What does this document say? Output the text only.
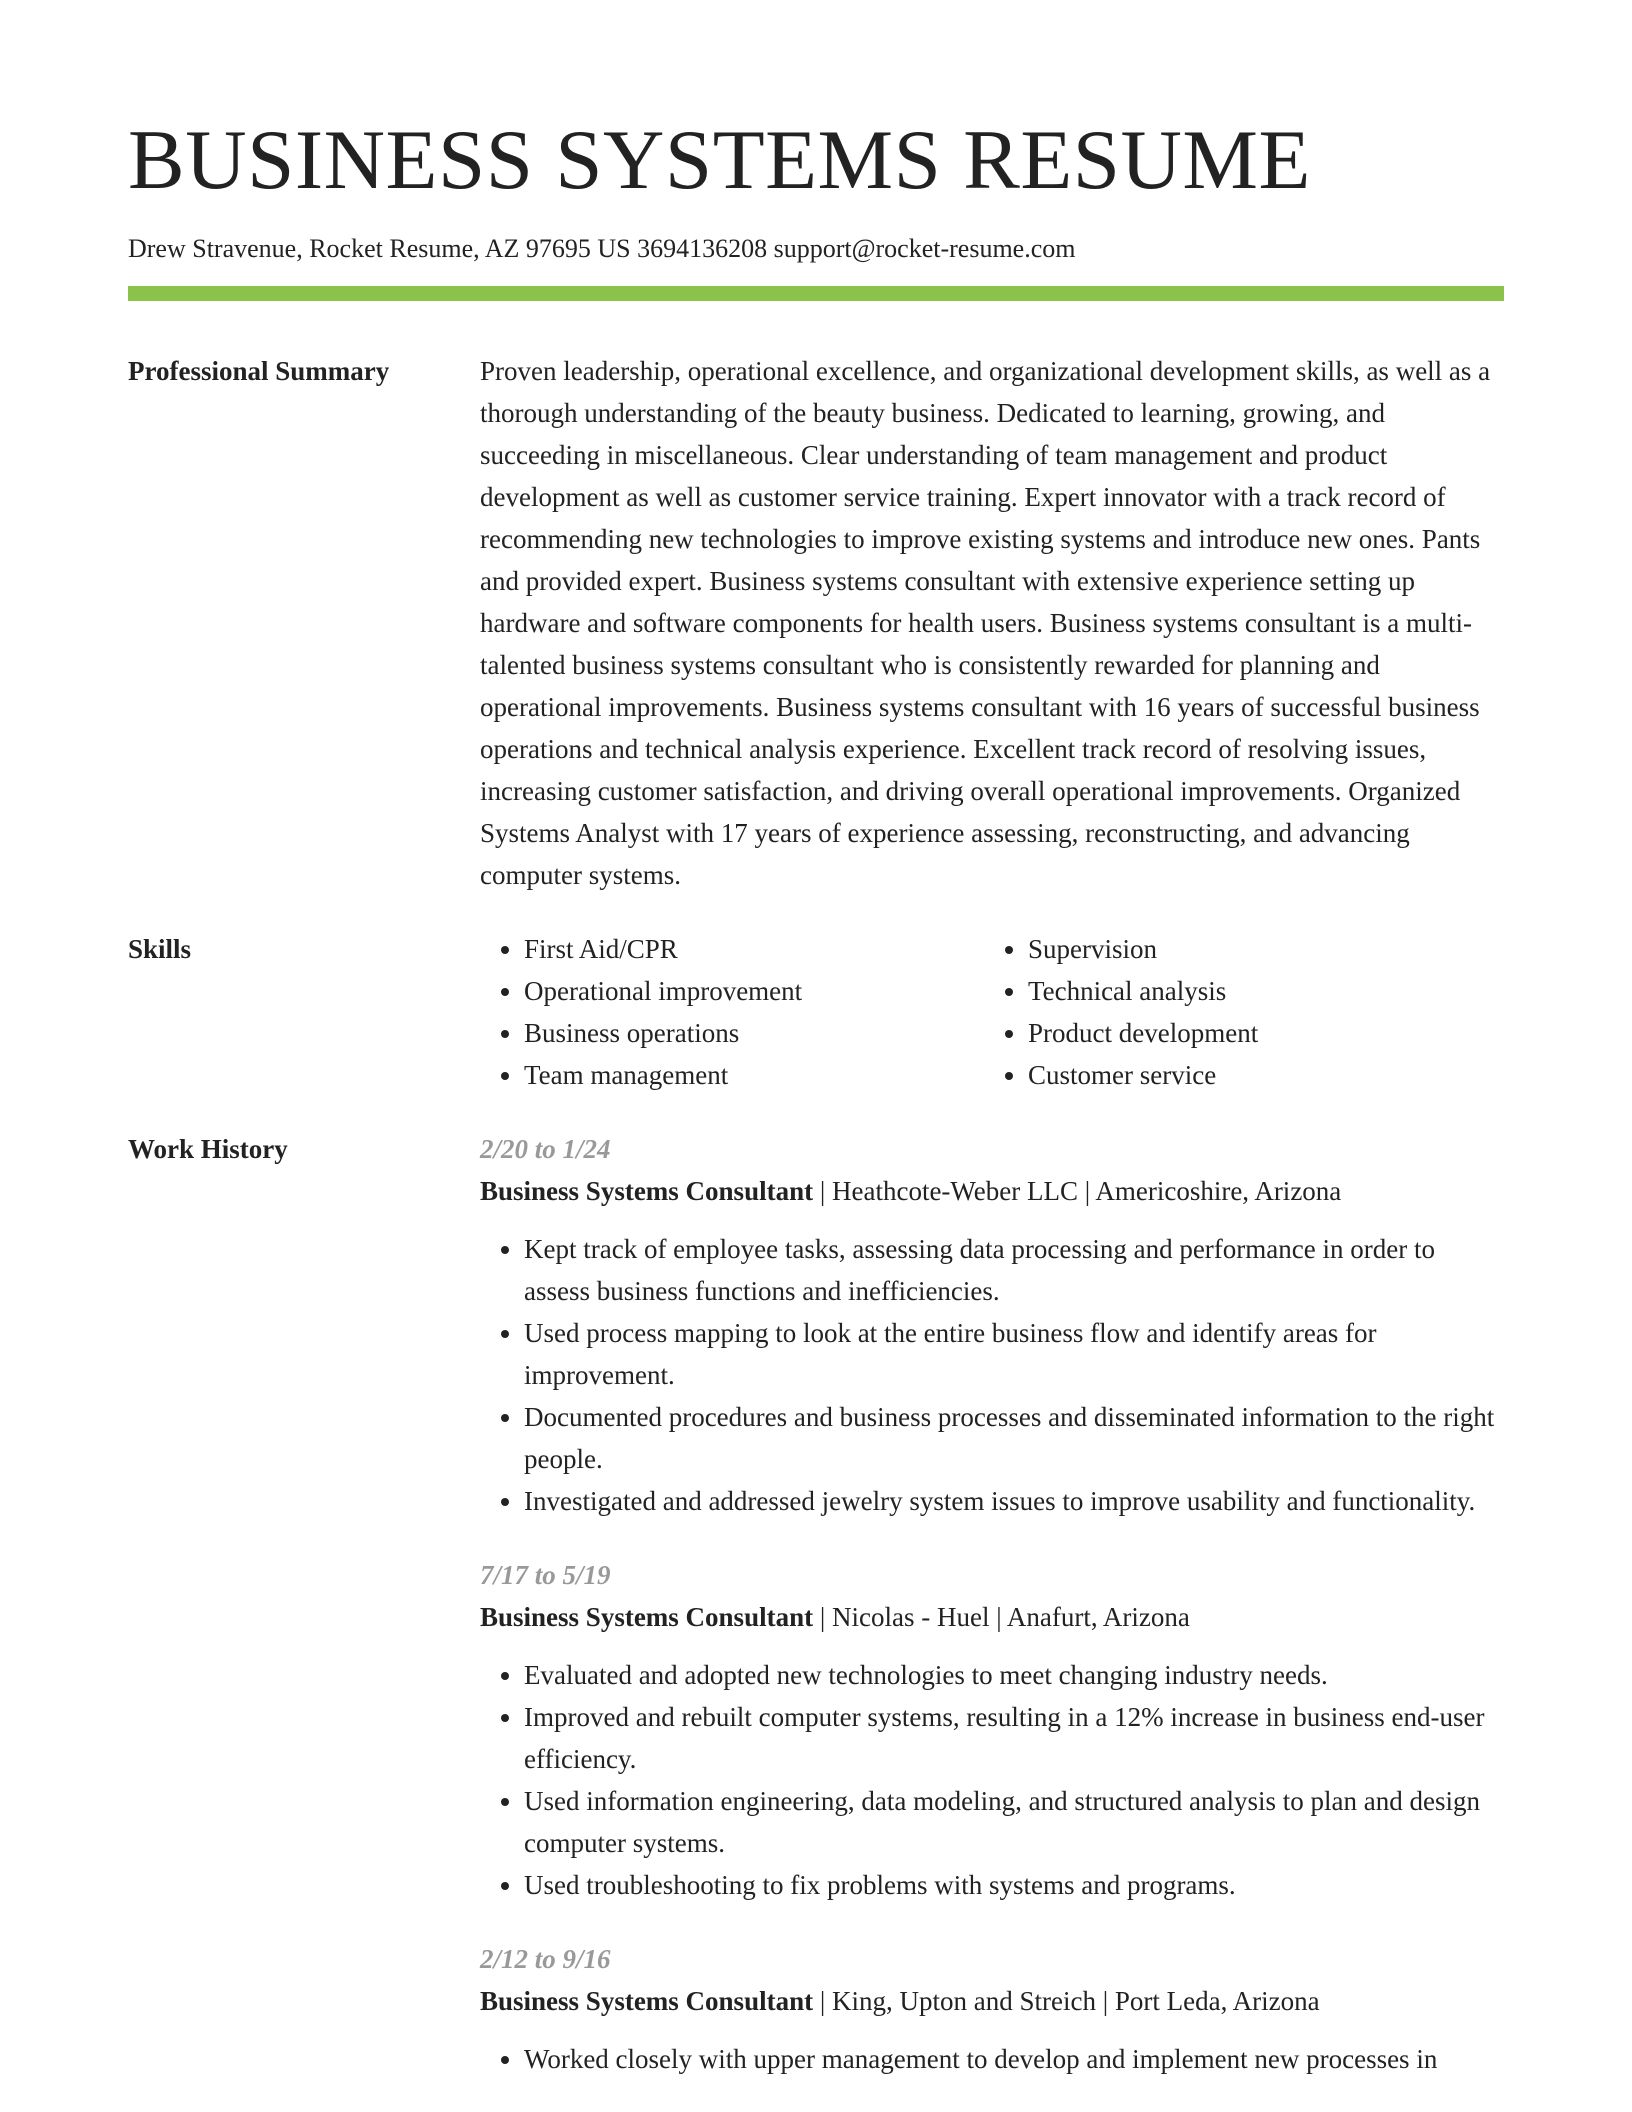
BUSINESS SYSTEMS RESUME
Drew Stravenue, Rocket Resume, AZ 97695 US 3694136208 support@rocket-resume.com
Professional Summary	Proven leadership, operational excellence, and organizational development skills, as well as a thorough understanding of the beauty business. Dedicated to learning, growing, and succeeding in miscellaneous. Clear understanding of team management and product development as well as customer service training. Expert innovator with a track record of recommending new technologies to improve existing systems and introduce new ones. Pants and provided expert. Business systems consultant with extensive experience setting up hardware and software components for health users. Business systems consultant is a multi-talented business systems consultant who is consistently rewarded for planning and operational improvements. Business systems consultant with 16 years of successful business operations and technical analysis experience. Excellent track record of resolving issues, increasing customer satisfaction, and driving overall operational improvements. Organized Systems Analyst with 17 years of experience assessing, reconstructing, and advancing computer systems.

Skills
•	First Aid/CPR
• Operational improvement
• Business operations
• Team management
• Supervision
• Technical analysis
• Product development
• Customer service
Work History	2/20 to 1/24
Business Systems Consultant | Heathcote-Weber LLC | Americoshire, Arizona
• Kept track of employee tasks, assessing data processing and performance in order to assess business functions and inefficiencies.
• Used process mapping to look at the entire business flow and identify areas for improvement.
• Documented procedures and business processes and disseminated information to the right people.
• Investigated and addressed jewelry system issues to improve usability and functionality.
7/17 to 5/19
Business Systems Consultant | Nicolas - Huel | Anafurt, Arizona
• Evaluated and adopted new technologies to meet changing industry needs.
• Improved and rebuilt computer systems, resulting in a 12% increase in business end-user efficiency.
• Used information engineering, data modeling, and structured analysis to plan and design computer systems.
• Used troubleshooting to fix problems with systems and programs.
2/12 to 9/16
Business Systems Consultant | King, Upton and Streich | Port Leda, Arizona
• Worked closely with upper management to develop and implement new processes in
